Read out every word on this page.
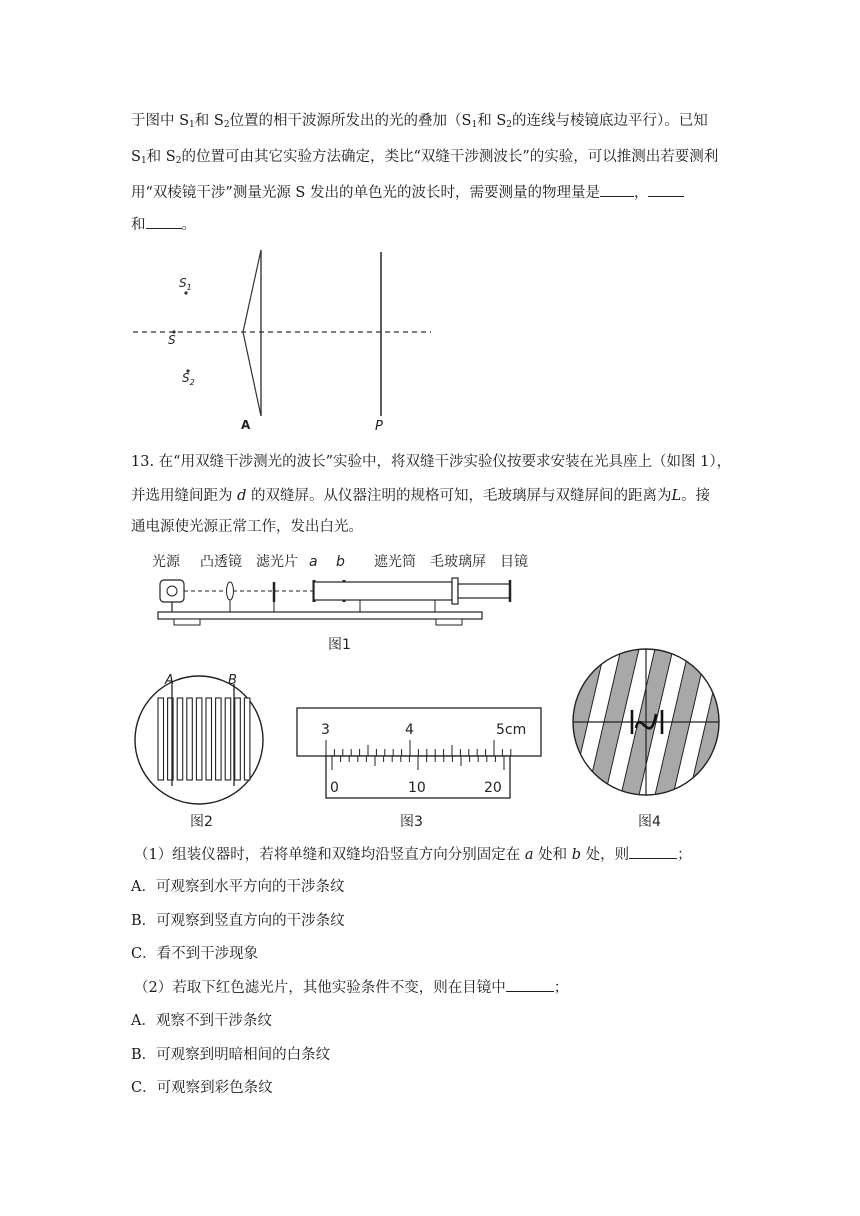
于图中 $S_1$和 $S_2$位置的相干波源所发出的光的叠加（$S_1$和 $S_2$的连线与棱镜底边平行）。已知
$S_1$和 $S_2$的位置可由其它实验方法确定，类比“双缝干涉测波长”的实验，可以推测出若要测利
用“双棱镜干涉”测量光源 S 发出的单色光的波长时，需要测量的物理量是 ，
和 。
$S_1$
S
$S_2$
A	P
13. 在“用双缝干涉测光的波长”实验中，将双缝干涉实验仪按要求安装在光具座上（如图 1），
并选用缝间距为 d 的双缝屏。从仪器注明的规格可知，毛玻璃屏与双缝屏间的距离为L。接
通电源使光源正常工作，发出白光。
光源 凸透镜 滤光片 a b 遮光筒 毛玻璃屏 目镜
图1
A	B
图2
3	4	5cm
0	10	20
图3	图4
（1）组装仪器时，若将单缝和双缝均沿竖直方向分别固定在 a 处和 b 处，则	；
A．可观察到水平方向的干涉条纹
B．可观察到竖直方向的干涉条纹
C．看不到干涉现象
（2）若取下红色滤光片，其他实验条件不变，则在目镜中	；
A．观察不到干涉条纹
B．可观察到明暗相间的白条纹
C．可观察到彩色条纹
